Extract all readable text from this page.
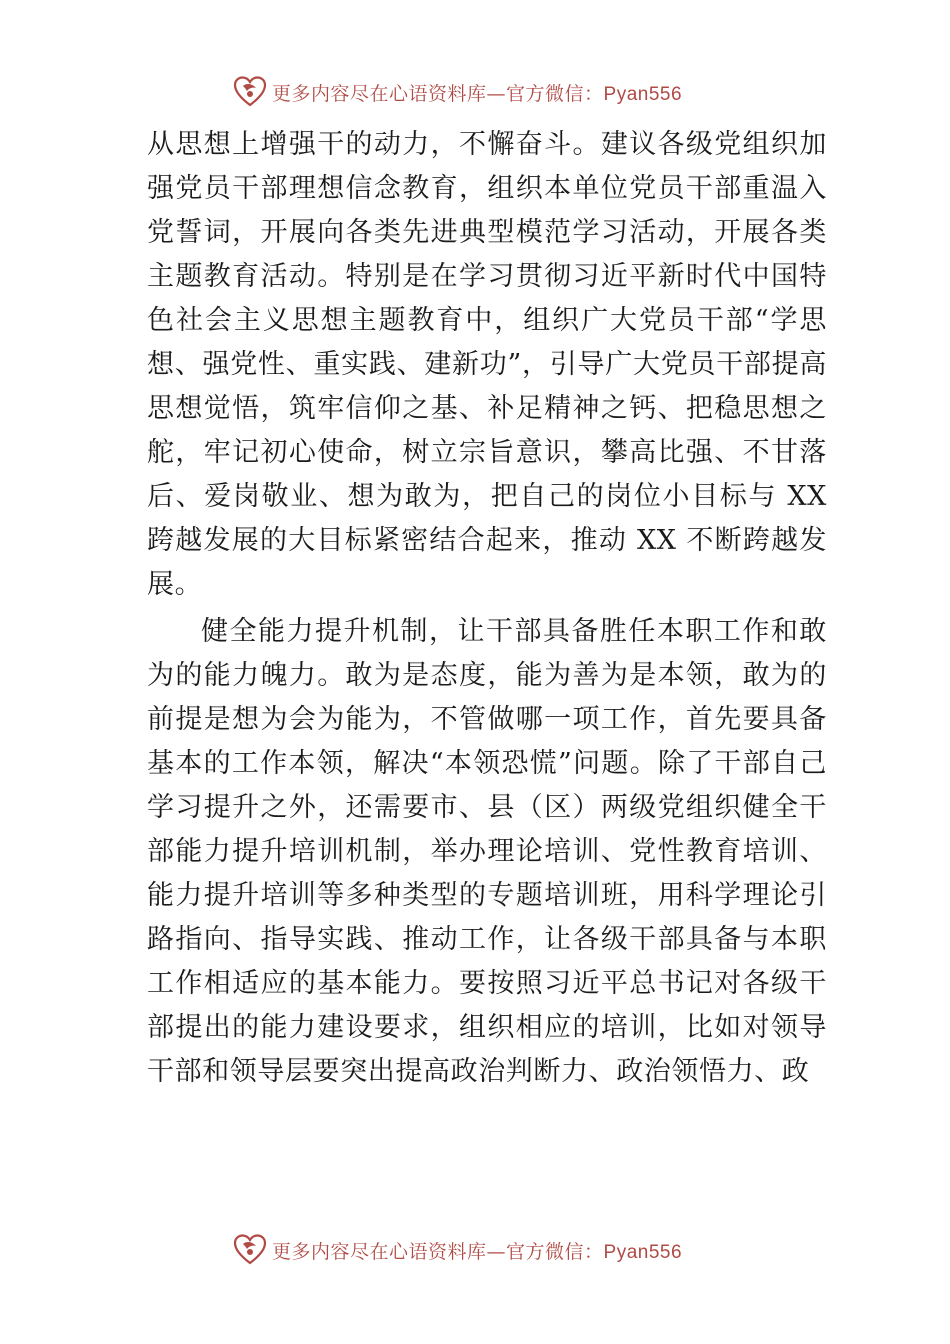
更多内容尽在心语资料库—官方微信：Pyan556

从思想上增强干的动力，不懈奋斗。建议各级党组织加强党员干部理想信念教育，组织本单位党员干部重温入党誓词，开展向各类先进典型模范学习活动，开展各类主题教育活动。特别是在学习贯彻习近平新时代中国特色社会主义思想主题教育中，组织广大党员干部“学思想、强党性、重实践、建新功”，引导广大党员干部提高思想觉悟，筑牢信仰之基、补足精神之钙、把稳思想之舵，牢记初心使命，树立宗旨意识，攀高比强、不甘落后、爱岗敬业、想为敢为，把自己的岗位小目标与 XX 跨越发展的大目标紧密结合起来，推动 XX 不断跨越发展。

健全能力提升机制，让干部具备胜任本职工作和敢为的能力魄力。敢为是态度，能为善为是本领，敢为的前提是想为会为能为，不管做哪一项工作，首先要具备基本的工作本领，解决“本领恐慌”问题。除了干部自己学习提升之外，还需要市、县（区）两级党组织健全干部能力提升培训机制，举办理论培训、党性教育培训、能力提升培训等多种类型的专题培训班，用科学理论引路指向、指导实践、推动工作，让各级干部具备与本职工作相适应的基本能力。要按照习近平总书记对各级干部提出的能力建设要求，组织相应的培训，比如对领导干部和领导层要突出提高政治判断力、政治领悟力、政

更多内容尽在心语资料库—官方微信：Pyan556
